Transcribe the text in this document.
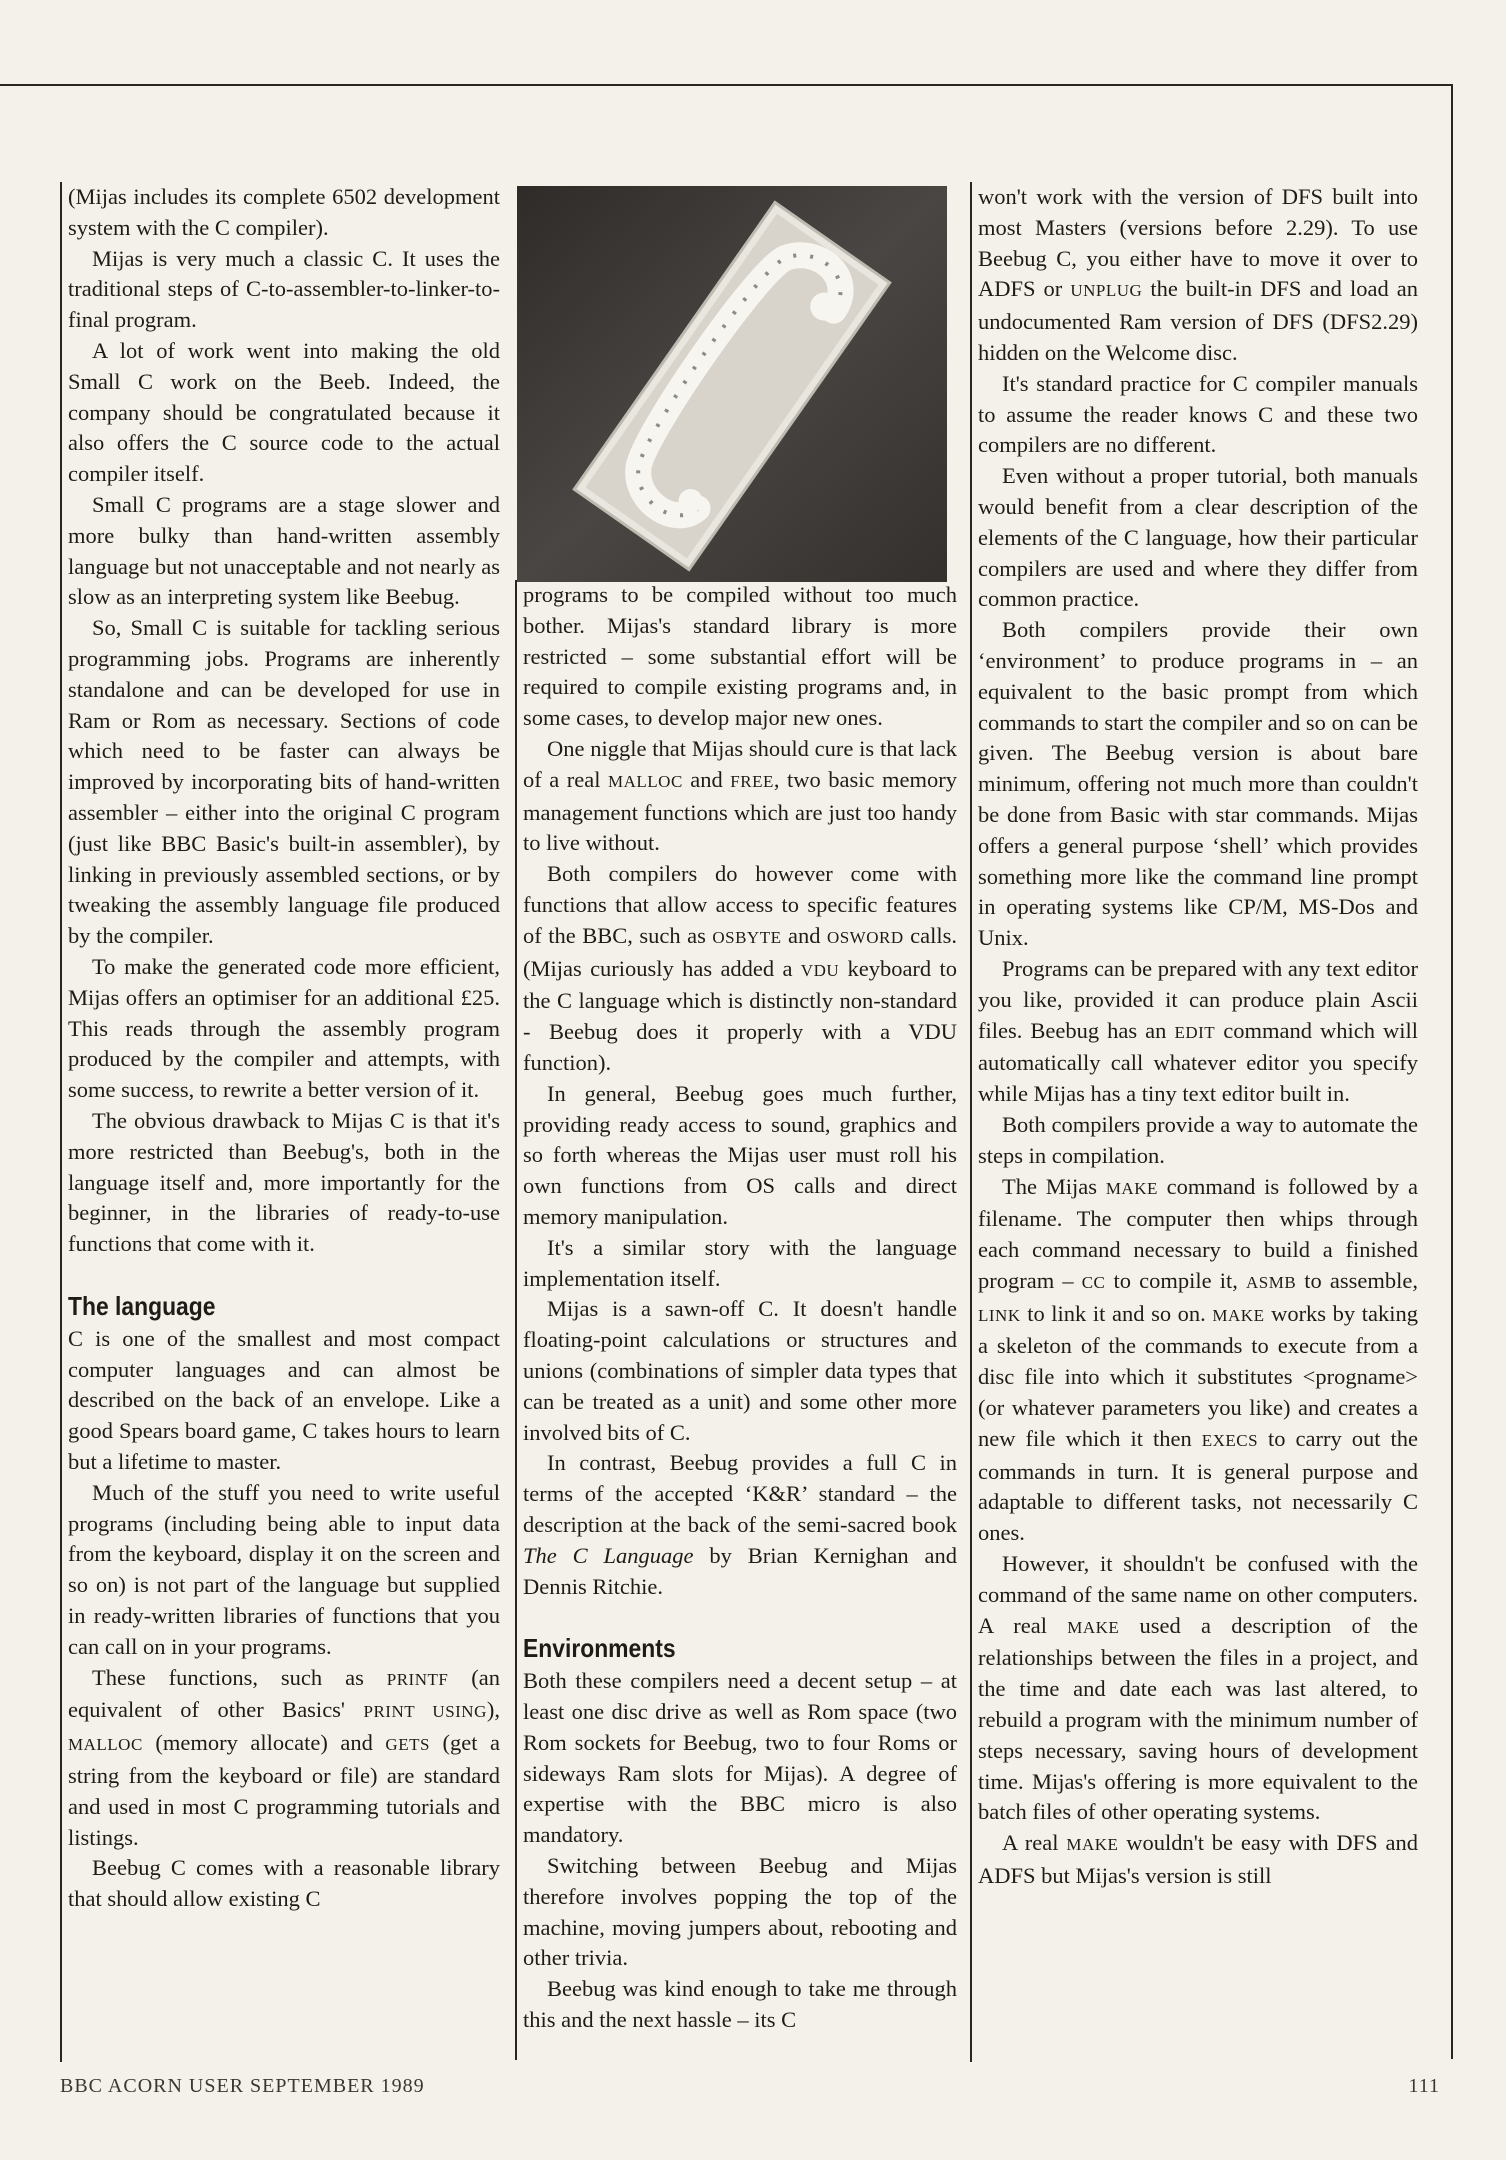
(Mijas includes its complete 6502 development system with the C compiler).

Mijas is very much a classic C. It uses the traditional steps of C-to-assembler-to-linker-to-final program.

A lot of work went into making the old Small C work on the Beeb. Indeed, the company should be congratulated because it also offers the C source code to the actual compiler itself.

Small C programs are a stage slower and more bulky than hand-written assembly language but not unacceptable and not nearly as slow as an interpreting system like Beebug.

So, Small C is suitable for tackling serious programming jobs. Programs are inherently standalone and can be developed for use in Ram or Rom as necessary. Sections of code which need to be faster can always be improved by incorporating bits of hand-written assembler – either into the original C program (just like BBC Basic's built-in assembler), by linking in previously assembled sections, or by tweaking the assembly language file produced by the compiler.

To make the generated code more efficient, Mijas offers an optimiser for an additional £25. This reads through the assembly program produced by the compiler and attempts, with some success, to rewrite a better version of it.

The obvious drawback to Mijas C is that it's more restricted than Beebug's, both in the language itself and, more importantly for the beginner, in the libraries of ready-to-use functions that come with it.

The language

C is one of the smallest and most compact computer languages and can almost be described on the back of an envelope. Like a good Spears board game, C takes hours to learn but a lifetime to master.

Much of the stuff you need to write useful programs (including being able to input data from the keyboard, display it on the screen and so on) is not part of the language but supplied in ready-written libraries of functions that you can call on in your programs.

These functions, such as PRINTF (an equivalent of other Basics' PRINT USING), MALLOC (memory allocate) and GETS (get a string from the keyboard or file) are standard and used in most C programming tutorials and listings.

Beebug C comes with a reasonable library that should allow existing C

programs to be compiled without too much bother. Mijas's standard library is more restricted – some substantial effort will be required to compile existing programs and, in some cases, to develop major new ones.

One niggle that Mijas should cure is that lack of a real MALLOC and FREE, two basic memory management functions which are just too handy to live without.

Both compilers do however come with functions that allow access to specific features of the BBC, such as OSBYTE and OSWORD calls. (Mijas curiously has added a VDU keyboard to the C language which is distinctly non-standard - Beebug does it properly with a VDU function).

In general, Beebug goes much further, providing ready access to sound, graphics and so forth whereas the Mijas user must roll his own functions from OS calls and direct memory manipulation.

It's a similar story with the language implementation itself.

Mijas is a sawn-off C. It doesn't handle floating-point calculations or structures and unions (combinations of simpler data types that can be treated as a unit) and some other more involved bits of C.

In contrast, Beebug provides a full C in terms of the accepted ‘K&R’ standard – the description at the back of the semi-sacred book The C Language by Brian Kernighan and Dennis Ritchie.

Environments

Both these compilers need a decent setup – at least one disc drive as well as Rom space (two Rom sockets for Beebug, two to four Roms or sideways Ram slots for Mijas). A degree of expertise with the BBC micro is also mandatory.

Switching between Beebug and Mijas therefore involves popping the top of the machine, moving jumpers about, rebooting and other trivia.

Beebug was kind enough to take me through this and the next hassle – its C

won't work with the version of DFS built into most Masters (versions before 2.29). To use Beebug C, you either have to move it over to ADFS or UNPLUG the built-in DFS and load an undocumented Ram version of DFS (DFS2.29) hidden on the Welcome disc.

It's standard practice for C compiler manuals to assume the reader knows C and these two compilers are no different.

Even without a proper tutorial, both manuals would benefit from a clear description of the elements of the C language, how their particular compilers are used and where they differ from common practice.

Both compilers provide their own ‘environment’ to produce programs in – an equivalent to the basic prompt from which commands to start the compiler and so on can be given. The Beebug version is about bare minimum, offering not much more than couldn't be done from Basic with star commands. Mijas offers a general purpose ‘shell’ which provides something more like the command line prompt in operating systems like CP/M, MS-Dos and Unix.

Programs can be prepared with any text editor you like, provided it can produce plain Ascii files. Beebug has an EDIT command which will automatically call whatever editor you specify while Mijas has a tiny text editor built in.

Both compilers provide a way to automate the steps in compilation.

The Mijas MAKE command is followed by a filename. The computer then whips through each command necessary to build a finished program – CC to compile it, ASMB to assemble, LINK to link it and so on. MAKE works by taking a skeleton of the commands to execute from a disc file into which it substitutes <progname> (or whatever parameters you like) and creates a new file which it then EXECS to carry out the commands in turn. It is general purpose and adaptable to different tasks, not necessarily C ones.

However, it shouldn't be confused with the command of the same name on other computers. A real MAKE used a description of the relationships between the files in a project, and the time and date each was last altered, to rebuild a program with the minimum number of steps necessary, saving hours of development time. Mijas's offering is more equivalent to the batch files of other operating systems.

A real MAKE wouldn't be easy with DFS and ADFS but Mijas's version is still

BBC ACORN USER SEPTEMBER 1989	111
